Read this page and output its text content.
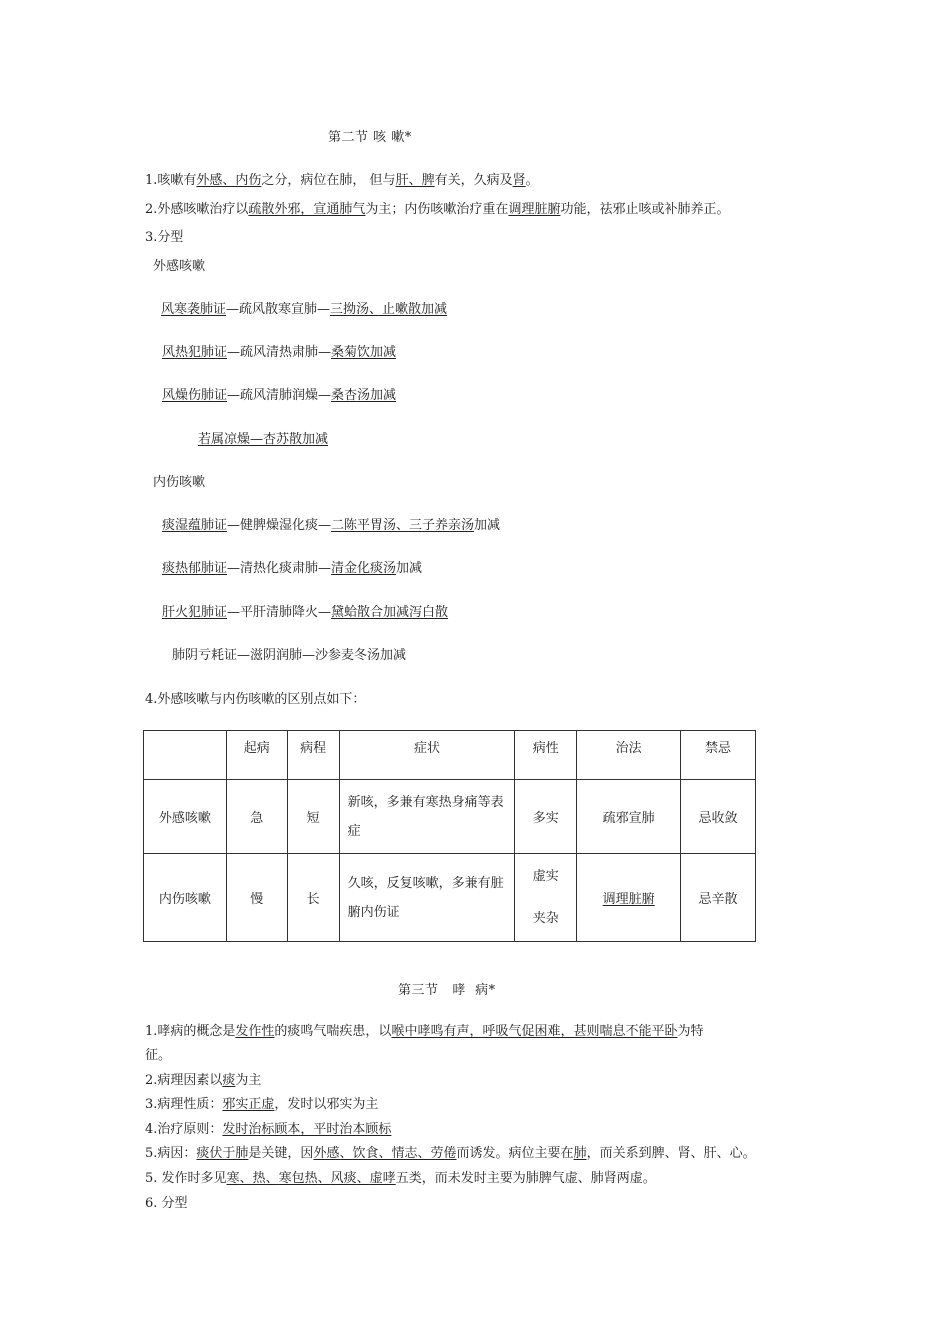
第二节 咳 嗽*
1.咳嗽有外感、内伤之分，病位在肺， 但与肝、脾有关，久病及肾。
2.外感咳嗽治疗以疏散外邪，宣通肺气为主；内伤咳嗽治疗重在调理脏腑功能，祛邪止咳或补肺养正。
3.分型
外感咳嗽
风寒袭肺证—疏风散寒宣肺—三拗汤、止嗽散加减
风热犯肺证—疏风清热肃肺—桑菊饮加减
风燥伤肺证—疏风清肺润燥—桑杏汤加减
若属凉燥—杏苏散加减
内伤咳嗽
痰湿蕴肺证—健脾燥湿化痰—二陈平胃汤、三子养亲汤加减
痰热郁肺证—清热化痰肃肺—清金化痰汤加减
肝火犯肺证—平肝清肺降火—黛蛤散合加减泻白散
肺阴亏耗证—滋阴润肺—沙参麦冬汤加减
4.外感咳嗽与内伤咳嗽的区别点如下：
	起病	病程	症状	病性	治法	禁忌
外感咳嗽	急	短	新咳，多兼有寒热身痛等表症	多实	疏邪宣肺	忌收敛
内伤咳嗽	慢	长	久咳，反复咳嗽，多兼有脏腑内伤证	虚实
夹杂	调理脏腑	忌辛散
第三节   哮  病*
1.哮病的概念是发作性的痰鸣气喘疾患，以喉中哮鸣有声，呼吸气促困难，甚则喘息不能平卧为特
征。
2.病理因素以痰为主
3.病理性质：邪实正虚，发时以邪实为主
4.治疗原则：发时治标顾本，平时治本顾标
5.病因：痰伏于肺是关键，因外感、饮食、情志、劳倦而诱发。病位主要在肺，而关系到脾、肾、肝、心。
5. 发作时多见寒、热、寒包热、风痰、虚哮五类，而未发时主要为肺脾气虚、肺肾两虚。
6. 分型
